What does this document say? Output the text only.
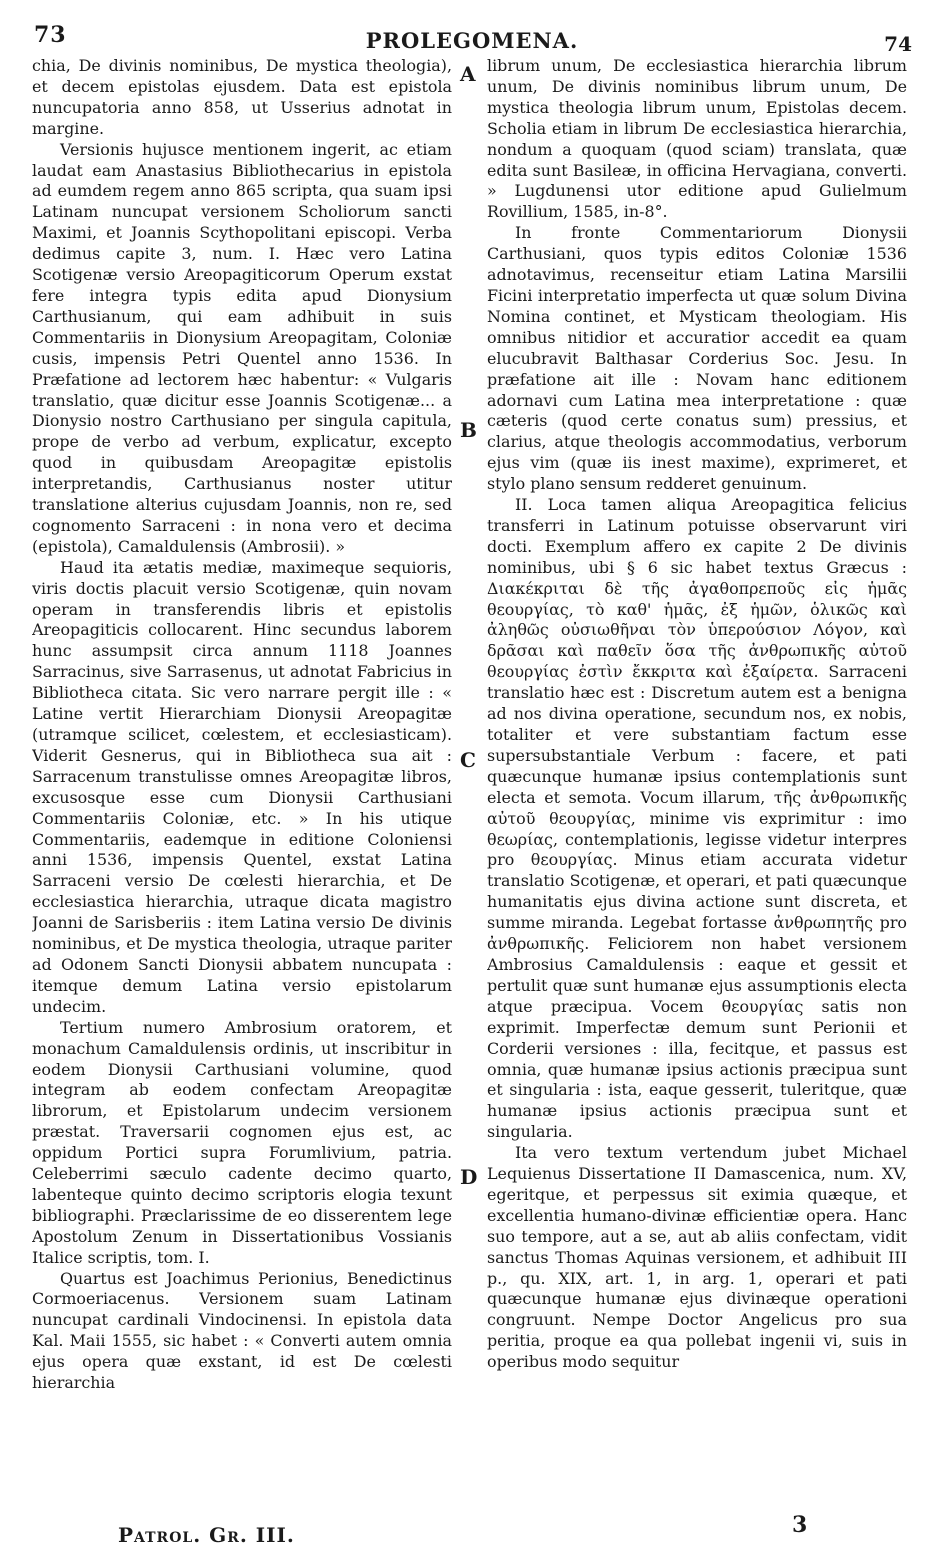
73	PROLEGOMENA.	74

chia, De divinis nominibus, De mystica theologia), et decem epistolas ejusdem. Data est epistola nuncupatoria anno 858, ut Usserius adnotat in margine.

Versionis hujusce mentionem ingerit, ac etiam laudat eam Anastasius Bibliothecarius in epistola ad eumdem regem anno 865 scripta, qua suam ipsi Latinam nuncupat versionem Scholiorum sancti Maximi, et Joannis Scythopolitani episcopi. Verba dedimus capite 3, num. I. Hæc vero Latina Scotigenæ versio Areopagiticorum Operum exstat fere integra typis edita apud Dionysium Carthusianum, qui eam adhibuit in suis Commentariis in Dionysium Areopagitam, Coloniæ cusis, impensis Petri Quentel anno 1536. In Præfatione ad lectorem hæc habentur: « Vulgaris translatio, quæ dicitur esse Joannis Scotigenæ... a Dionysio nostro Carthusiano per singula capitula, prope de verbo ad verbum, explicatur, excepto quod in quibusdam Areopagitæ epistolis interpretandis, Carthusianus noster utitur translatione alterius cujusdam Joannis, non re, sed cognomento Sarraceni : in nona vero et decima (epistola), Camaldulensis (Ambrosii). »

Haud ita ætatis mediæ, maximeque sequioris, viris doctis placuit versio Scotigenæ, quin novam operam in transferendis libris et epistolis Areopagiticis collocarent. Hinc secundus laborem hunc assumpsit circa annum 1118 Joannes Sarracinus, sive Sarrasenus, ut adnotat Fabricius in Bibliotheca citata. Sic vero narrare pergit ille : « Latine vertit Hierarchiam Dionysii Areopagitæ (utramque scilicet, cœlestem, et ecclesiasticam). Viderit Gesnerus, qui in Bibliotheca sua ait : Sarracenum transtulisse omnes Areopagitæ libros, excusosque esse cum Dionysii Carthusiani Commentariis Coloniæ, etc. » In his utique Commentariis, eademque in editione Coloniensi anni 1536, impensis Quentel, exstat Latina Sarraceni versio De cœlesti hierarchia, et De ecclesiastica hierarchia, utraque dicata magistro Joanni de Sarisberiis : item Latina versio De divinis nominibus, et De mystica theologia, utraque pariter ad Odonem Sancti Dionysii abbatem nuncupata : itemque demum Latina versio epistolarum undecim.

Tertium numero Ambrosium oratorem, et monachum Camaldulensis ordinis, ut inscribitur in eodem Dionysii Carthusiani volumine, quod integram ab eodem confectam Areopagitæ librorum, et Epistolarum undecim versionem præstat. Traversarii cognomen ejus est, ac oppidum Portici supra Forumlivium, patria. Celeberrimi sæculo cadente decimo quarto, labenteque quinto decimo scriptoris elogia texunt bibliographi. Præclarissime de eo disserentem lege Apostolum Zenum in Dissertationibus Vossianis Italice scriptis, tom. I.

Quartus est Joachimus Perionius, Benedictinus Cormoeriacenus. Versionem suam Latinam nuncupat cardinali Vindocinensi. In epistola data Kal. Maii 1555, sic habet : « Converti autem omnia ejus opera quæ exstant, id est De cœlesti hierarchia

A
B
C
D

librum unum, De ecclesiastica hierarchia librum unum, De divinis nominibus librum unum, De mystica theologia librum unum, Epistolas decem. Scholia etiam in librum De ecclesiastica hierarchia, nondum a quoquam (quod sciam) translata, quæ edita sunt Basileæ, in officina Hervagiana, converti. » Lugdunensi utor editione apud Gulielmum Rovillium, 1585, in-8°.

In fronte Commentariorum Dionysii Carthusiani, quos typis editos Coloniæ 1536 adnotavimus, recenseitur etiam Latina Marsilii Ficini interpretatio imperfecta ut quæ solum Divina Nomina continet, et Mysticam theologiam. His omnibus nitidior et accuratior accedit ea quam elucubravit Balthasar Corderius Soc. Jesu. In præfatione ait ille : Novam hanc editionem adornavi cum Latina mea interpretatione : quæ cæteris (quod certe conatus sum) pressius, et clarius, atque theologis accommodatius, verborum ejus vim (quæ iis inest maxime), exprimeret, et stylo plano sensum redderet genuinum.

II. Loca tamen aliqua Areopagitica felicius transferri in Latinum potuisse observarunt viri docti. Exemplum affero ex capite 2 De divinis nominibus, ubi § 6 sic habet textus Græcus : Διακέκριται δὲ τῆς ἀγαθοπρεποῦς εἰς ἡμᾶς θεουργίας, τὸ καθ' ἡμᾶς, ἐξ ἡμῶν, ὁλικῶς καὶ ἀληθῶς οὐσιωθῆναι τὸν ὑπερούσιον Λόγον, καὶ δρᾶσαι καὶ παθεῖν ὅσα τῆς ἀνθρωπικῆς αὐτοῦ θεουργίας ἐστὶν ἔκκριτα καὶ ἐξαίρετα. Sarraceni translatio hæc est : Discretum autem est a benigna ad nos divina operatione, secundum nos, ex nobis, totaliter et vere substantiam factum esse supersubstantiale Verbum : facere, et pati quæcunque humanæ ipsius contemplationis sunt electa et semota. Vocum illarum, τῆς ἀνθρωπικῆς αὐτοῦ θεουργίας, minime vis exprimitur : imo θεωρίας, contemplationis, legisse videtur interpres pro θεουργίας. Minus etiam accurata videtur translatio Scotigenæ, et operari, et pati quæcunque humanitatis ejus divina actione sunt discreta, et summe miranda. Legebat fortasse ἀνθρωπητῆς pro ἀνθρωπικῆς. Feliciorem non habet versionem Ambrosius Camaldulensis : eaque et gessit et pertulit quæ sunt humanæ ejus assumptionis electa atque præcipua. Vocem θεουργίας satis non exprimit. Imperfectæ demum sunt Perionii et Corderii versiones : illa, fecitque, et passus est omnia, quæ humanæ ipsius actionis præcipua sunt et singularia : ista, eaque gesserit, tuleritque, quæ humanæ ipsius actionis præcipua sunt et singularia.

Ita vero textum vertendum jubet Michael Lequienus Dissertatione II Damascenica, num. XV, egeritque, et perpessus sit eximia quæque, et excellentia humano-divinæ efficientiæ opera. Hanc suo tempore, aut a se, aut ab aliis confectam, vidit sanctus Thomas Aquinas versionem, et adhibuit III p., qu. XIX, art. 1, in arg. 1, operari et pati quæcunque humanæ ejus divinæque operationi congruunt. Nempe Doctor Angelicus pro sua peritia, proque ea qua pollebat ingenii vi, suis in operibus modo sequitur

Patrol. Gr. III.	3
